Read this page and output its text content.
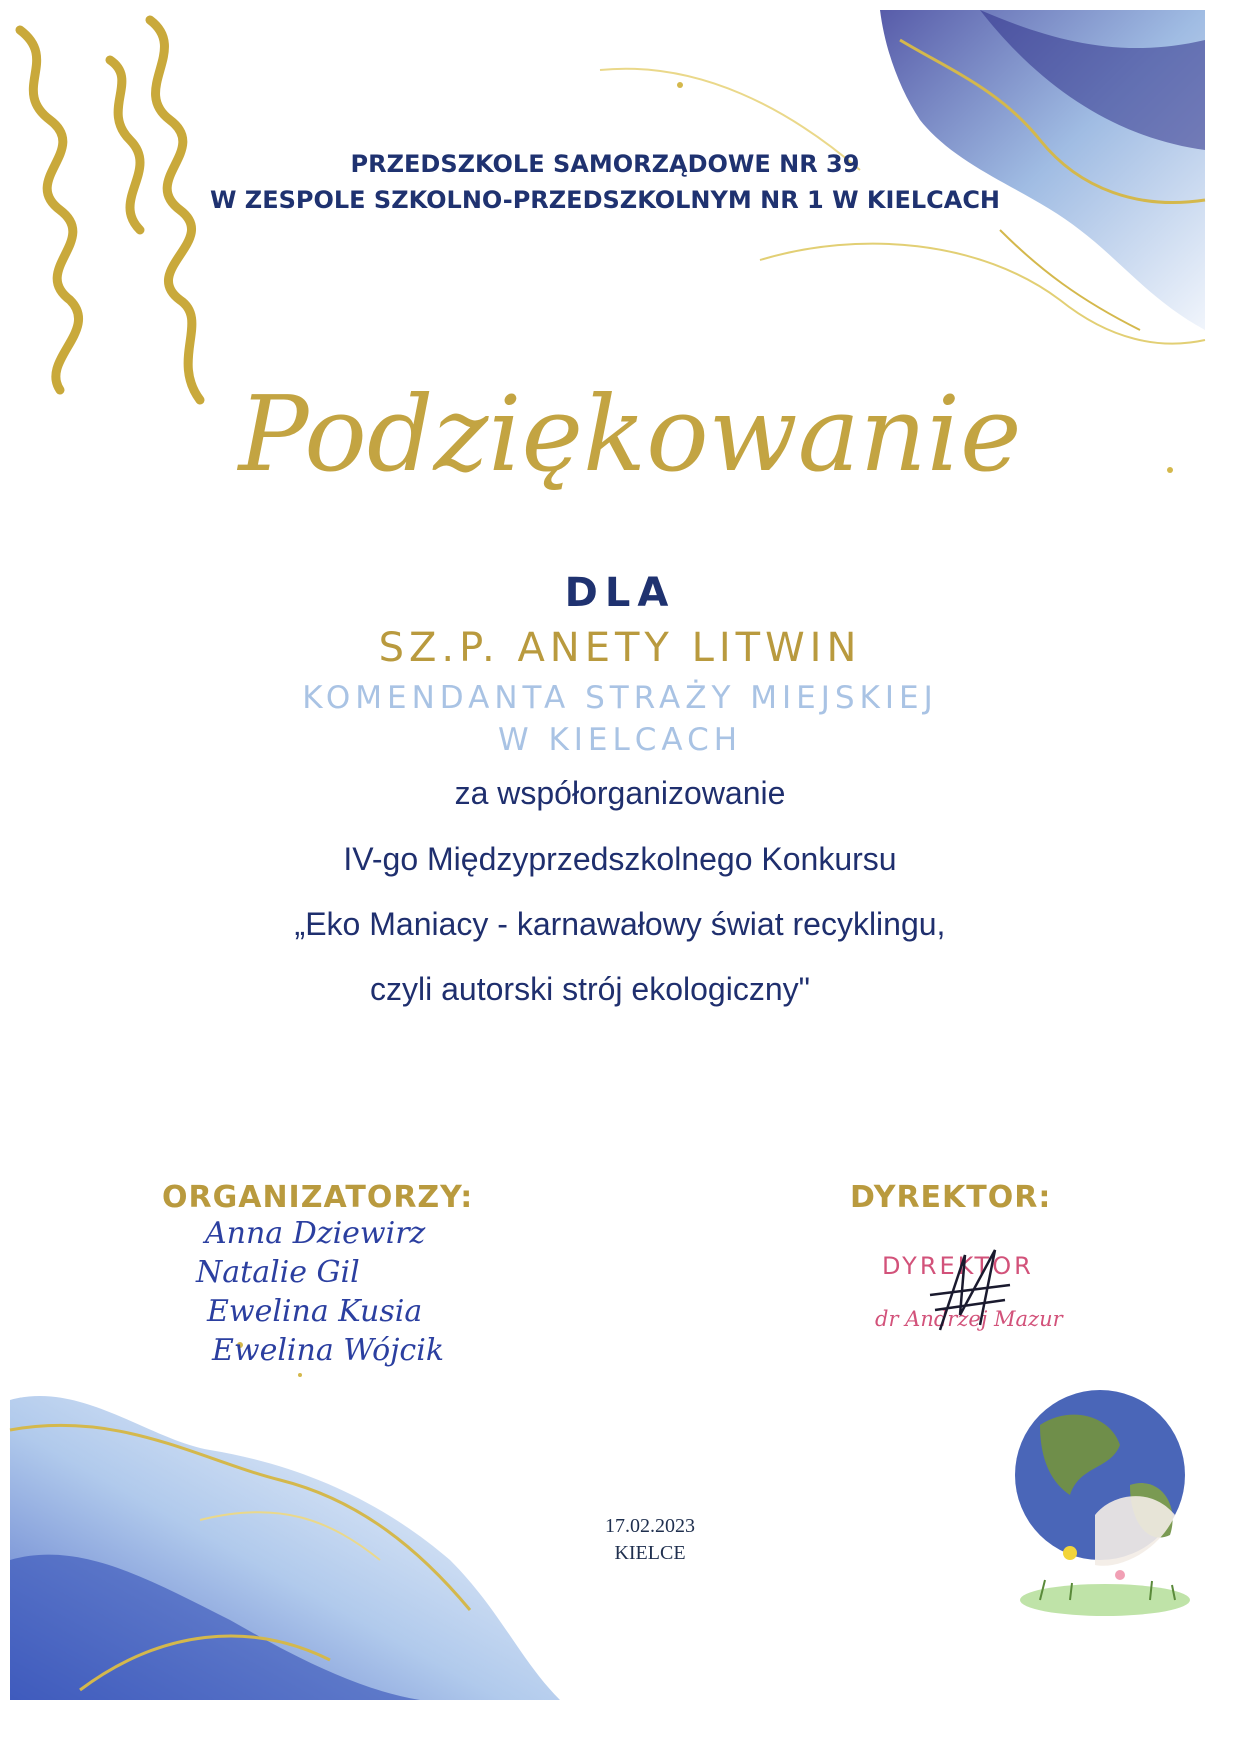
PRZEDSZKOLE SAMORZĄDOWE NR 39
W ZESPOLE SZKOLNO-PRZEDSZKOLNYM NR 1 W KIELCACH
Podziękowanie
DLA
SZ.P. ANETY LITWIN
KOMENDANTA STRAŻY MIEJSKIEJ
W KIELCACH
za współorganizowanie
IV-go Międzyprzedszkolnego Konkursu
„Eko Maniacy - karnawałowy świat recyklingu,
czyli autorski strój ekologiczny"
ORGANIZATORZY:
Anna Dziewirz
Natalie Gil
Ewelina Kusia
Ewelina Wójcik
DYREKTOR:
DYREKTOR
dr Andrzej Mazur
17.02.2023
KIELCE
